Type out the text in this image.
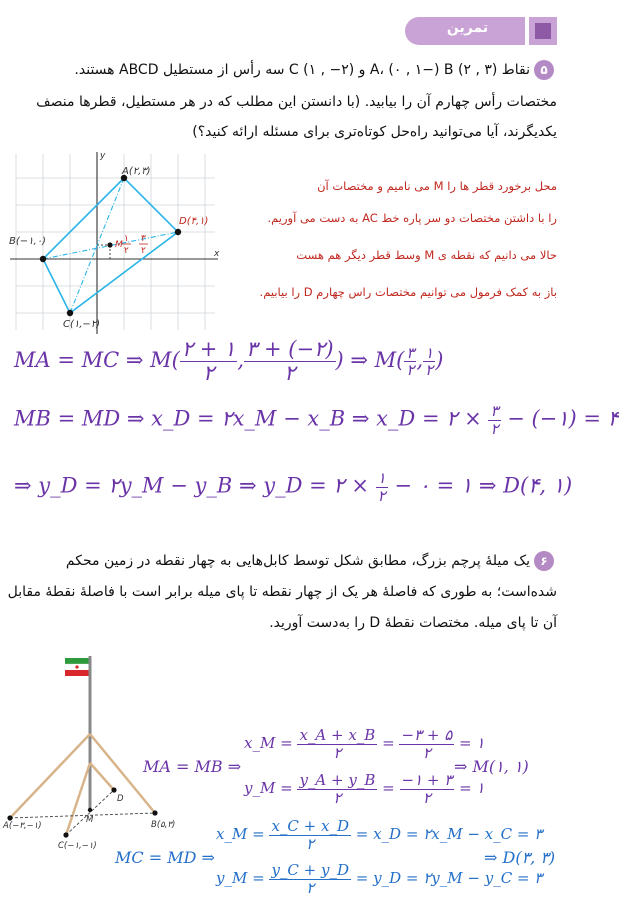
تمرین
۵
نقاط (۳ , ۲) A، (۰ , ۱−) B و (۲− , ۱) C سه رأس از مستطیل ABCD هستند.
مختصات رأس چهارم آن را بیابید. (با دانستن این مطلب که در هر مستطیل، قطرها منصف
یکدیگرند، آیا می‌توانید راه‌حل کوتاه‌تری برای مسئله ارائه کنید؟)
x
y
A(۲,۳)
D(۴,۱)
B(−۱,۰)
C(۱,−۲)
M
۱
۲
۳
۲
محل برخورد قطر ها را M می نامیم و مختصات آن
را با داشتن مختصات دو سر پاره خط AC به دست می آوریم.
حالا می دانیم که نقطه ی M وسط قطر دیگر هم هست
باز به کمک فرمول می توانیم مختصات راس چهارم D را بیابیم.
MA = MC ⇒ $M( \frac{۲ + ۱}{۲}$ , $\frac{۳ + (-۲)}{۲}$ ) ⇒ $M( \frac{۳}{۲}$ , $\frac{۱}{۲}$ )
MB = MD ⇒ x_D = ۲x_M − x_B ⇒ x_D = ۲ × $\frac{۳}{۲}$ − (−۱) = ۴
⇒ y_D = ۲y_M − y_B ⇒ y_D = ۲ × $\frac{۱}{۲}$ − ۰ = ۱ ⇒ D(۴, ۱)
۶
یک میلهٔ پرچم بزرگ، مطابق شکل توسط کابل‌هایی به چهار نقطه در زمین محکم
شده‌است؛ به طوری که فاصلهٔ هر یک از چهار نقطه تا پای میله برابر است با فاصلهٔ نقطهٔ مقابل
آن تا پای میله. مختصات نقطهٔ D را به‌دست آورید.
A(−۳,−۱)	B(۵,۳)
C(−۱,−۱)
D
M
MA = MB ⇒
x_M = $\frac{x\_A + x\_B}{۲} = \frac{-۳ + ۵}{۲}$ = ۱
y_M = $\frac{y\_A + y\_B}{۲} = \frac{-۱ + ۳}{۲}$ = ۱
⇒ M(۱, ۱)
MC = MD ⇒
x_M = $\frac{x\_C + x\_D}{۲}$ = x_D = ۲x_M − x_C = ۳
y_M = $\frac{y\_C + y\_D}{۲}$ = y_D = ۲y_M − y_C = ۳
⇒ D(۳, ۳)
